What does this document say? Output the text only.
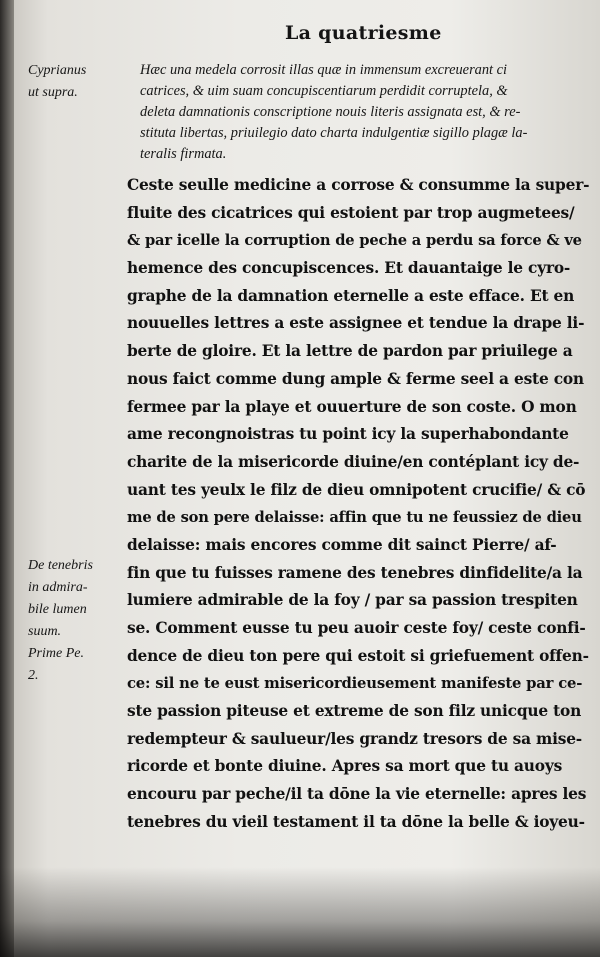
La quatriesme
Cyprianus
ut supra.
De tenebris
in admira-
bile lumen
suum.
Prime Pe.
2.
Hæc una medela corrosit illas quæ in immensum excreuerant ci
catrices, & uim suam concupiscentiarum perdidit corruptela, &
deleta damnationis conscriptione nouis literis assignata est, & re-
stituta libertas, priuilegio dato charta indulgentiæ sigillo plagæ la-
teralis firmata.
Ceste seulle medicine a corrose & consumme la super-
fluite des cicatrices qui estoient par trop augmetees/
& par icelle la corruption de peche a perdu sa force & ve
hemence des concupiscences. Et dauantaige le cyro-
graphe de la damnation eternelle a este efface. Et en
nouuelles lettres a este assignee et tendue la drape li-
berte de gloire. Et la lettre de pardon par priuilege a
nous faict comme dung ample & ferme seel a este con
fermee par la playe et ouuerture de son coste. O mon
ame recongnoistras tu point icy la superhabondante
charite de la misericorde diuine/en contéplant icy de-
uant tes yeulx le filz de dieu omnipotent crucifie/ & cō
me de son pere delaisse: affin que tu ne feussiez de dieu
delaisse: mais encores comme dit sainct Pierre/ af-
fin que tu fuisses ramene des tenebres dinfidelite/a la
lumiere admirable de la foy / par sa passion trespiten
se. Comment eusse tu peu auoir ceste foy/ ceste confi-
dence de dieu ton pere qui estoit si griefuement offen-
ce: sil ne te eust misericordieusement manifeste par ce-
ste passion piteuse et extreme de son filz unicque ton
redempteur & saulueur/les grandz tresors de sa mise-
ricorde et bonte diuine. Apres sa mort que tu auoys
encouru par peche/il ta dōne la vie eternelle: apres les
tenebres du vieil testament il ta dōne la belle & ioyeu-
